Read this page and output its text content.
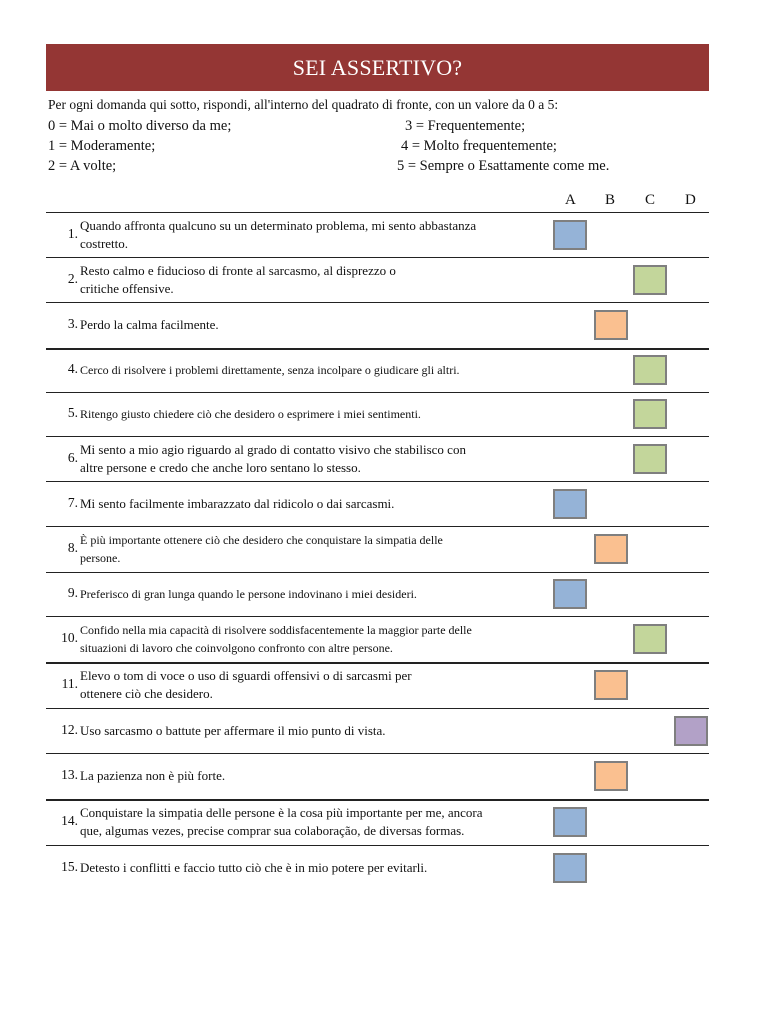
SEI ASSERTIVO?
Per ogni domanda qui sotto, rispondi, all'interno del quadrato di fronte, con un valore da 0 a 5:
0 = Mai o molto diverso da me;
1 = Moderamente;
2 = A volte;
3 = Frequentemente;
4 = Molto frequentemente;
5 = Sempre o Esattamente come me.
A B C D
1.
Quando affronta qualcuno su un determinato problema, mi sento abbastanza
costretto.
2.
Resto calmo e fiducioso di fronte al sarcasmo, al disprezzo o
critiche offensive.
3. Perdo la calma facilmente.
4. Cerco di risolvere i problemi direttamente, senza incolpare o giudicare gli altri.
5. Ritengo giusto chiedere ciò che desidero o esprimere i miei sentimenti.
6.
Mi sento a mio agio riguardo al grado di contatto visivo che stabilisco con
altre persone e credo che anche loro sentano lo stesso.
7. Mi sento facilmente imbarazzato dal ridicolo o dai sarcasmi.
8. È più importante ottenere ciò che desidero che conquistare la simpatia delle
persone.
9. Preferisco di gran lunga quando le persone indovinano i miei desideri.
10. Confido nella mia capacità di risolvere soddisfacentemente la maggior parte delle
situazioni di lavoro che coinvolgono confronto con altre persone.
11.
Elevo o tom di voce o uso di sguardi offensivi o di sarcasmi per
ottenere ciò che desidero.
12. Uso sarcasmo o battute per affermare il mio punto di vista.
13. La pazienza non è più forte.
14.
Conquistare la simpatia delle persone è la cosa più importante per me, ancora
que, algumas vezes, precise comprar sua colaboração, de diversas formas.
15. Detesto i conflitti e faccio tutto ciò che è in mio potere per evitarli.
